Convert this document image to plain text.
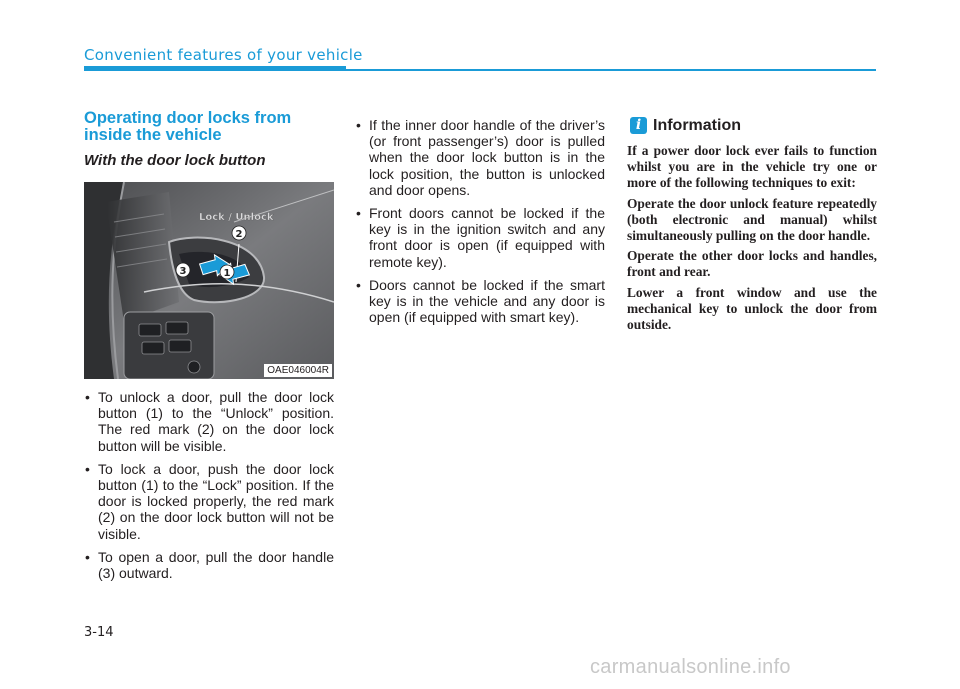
Convenient features of your vehicle
Operating door locks from inside the vehicle
With the door lock button
Lock / Unlock
2
1
3
OAE046004R
• To unlock a door, pull the door lock button (1) to the “Unlock” position. The red mark (2) on the door lock button will be visible.
• To lock a door, push the door lock button (1) to the “Lock” position. If the door is locked properly, the red mark (2) on the door lock button will not be visible.
• To open a door, pull the door handle (3) outward.
• If the inner door handle of the driver’s (or front passenger’s) door is pulled when the door lock button is in the lock position, the button is unlocked and door opens.
• Front doors cannot be locked if the key is in the ignition switch and any front door is open (if equipped with remote key).
• Doors cannot be locked if the smart key is in the vehicle and any door is open (if equipped with smart key).
i Information

If a power door lock ever fails to function whilst you are in the vehicle try one or more of the following techniques to exit:

Operate the door unlock feature repeatedly (both electronic and manual) whilst simultaneously pulling on the door handle.

Operate the other door locks and handles, front and rear.

Lower a front window and use the mechanical key to unlock the door from outside.

3-14
carmanualsonline.info
